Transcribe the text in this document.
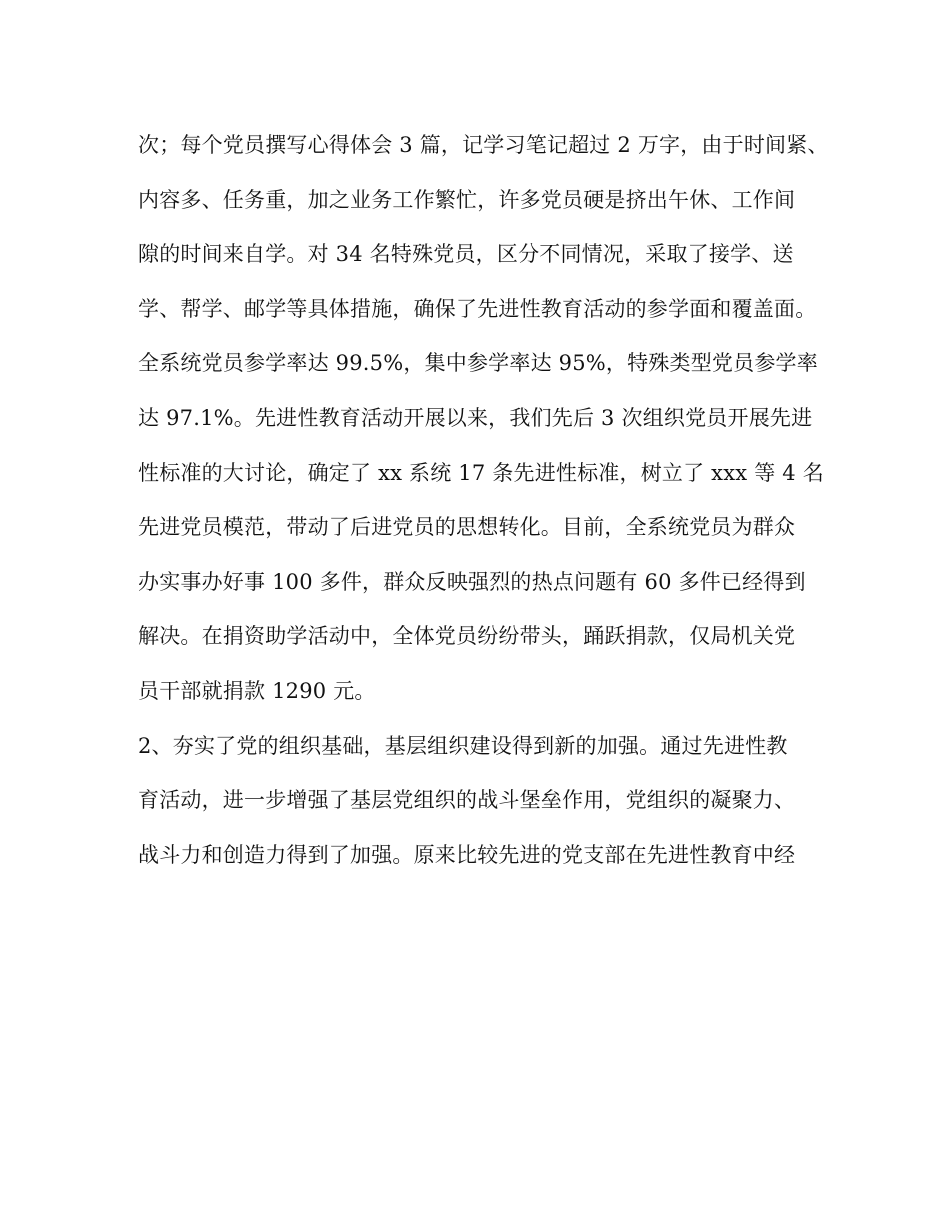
次；每个党员撰写心得体会 3 篇，记学习笔记超过 2 万字，由于时间紧、
内容多、任务重，加之业务工作繁忙，许多党员硬是挤出午休、工作间
隙的时间来自学。对 34 名特殊党员，区分不同情况，采取了接学、送
学、帮学、邮学等具体措施，确保了先进性教育活动的参学面和覆盖面。
全系统党员参学率达 99.5%，集中参学率达 95%，特殊类型党员参学率
达 97.1%。先进性教育活动开展以来，我们先后 3 次组织党员开展先进
性标准的大讨论，确定了 xx 系统 17 条先进性标准，树立了 xxx 等 4 名
先进党员模范，带动了后进党员的思想转化。目前，全系统党员为群众
办实事办好事 100 多件，群众反映强烈的热点问题有 60 多件已经得到
解决。在捐资助学活动中，全体党员纷纷带头，踊跃捐款，仅局机关党
员干部就捐款 1290 元。
2、夯实了党的组织基础，基层组织建设得到新的加强。通过先进性教
育活动，进一步增强了基层党组织的战斗堡垒作用，党组织的凝聚力、
战斗力和创造力得到了加强。原来比较先进的党支部在先进性教育中经
